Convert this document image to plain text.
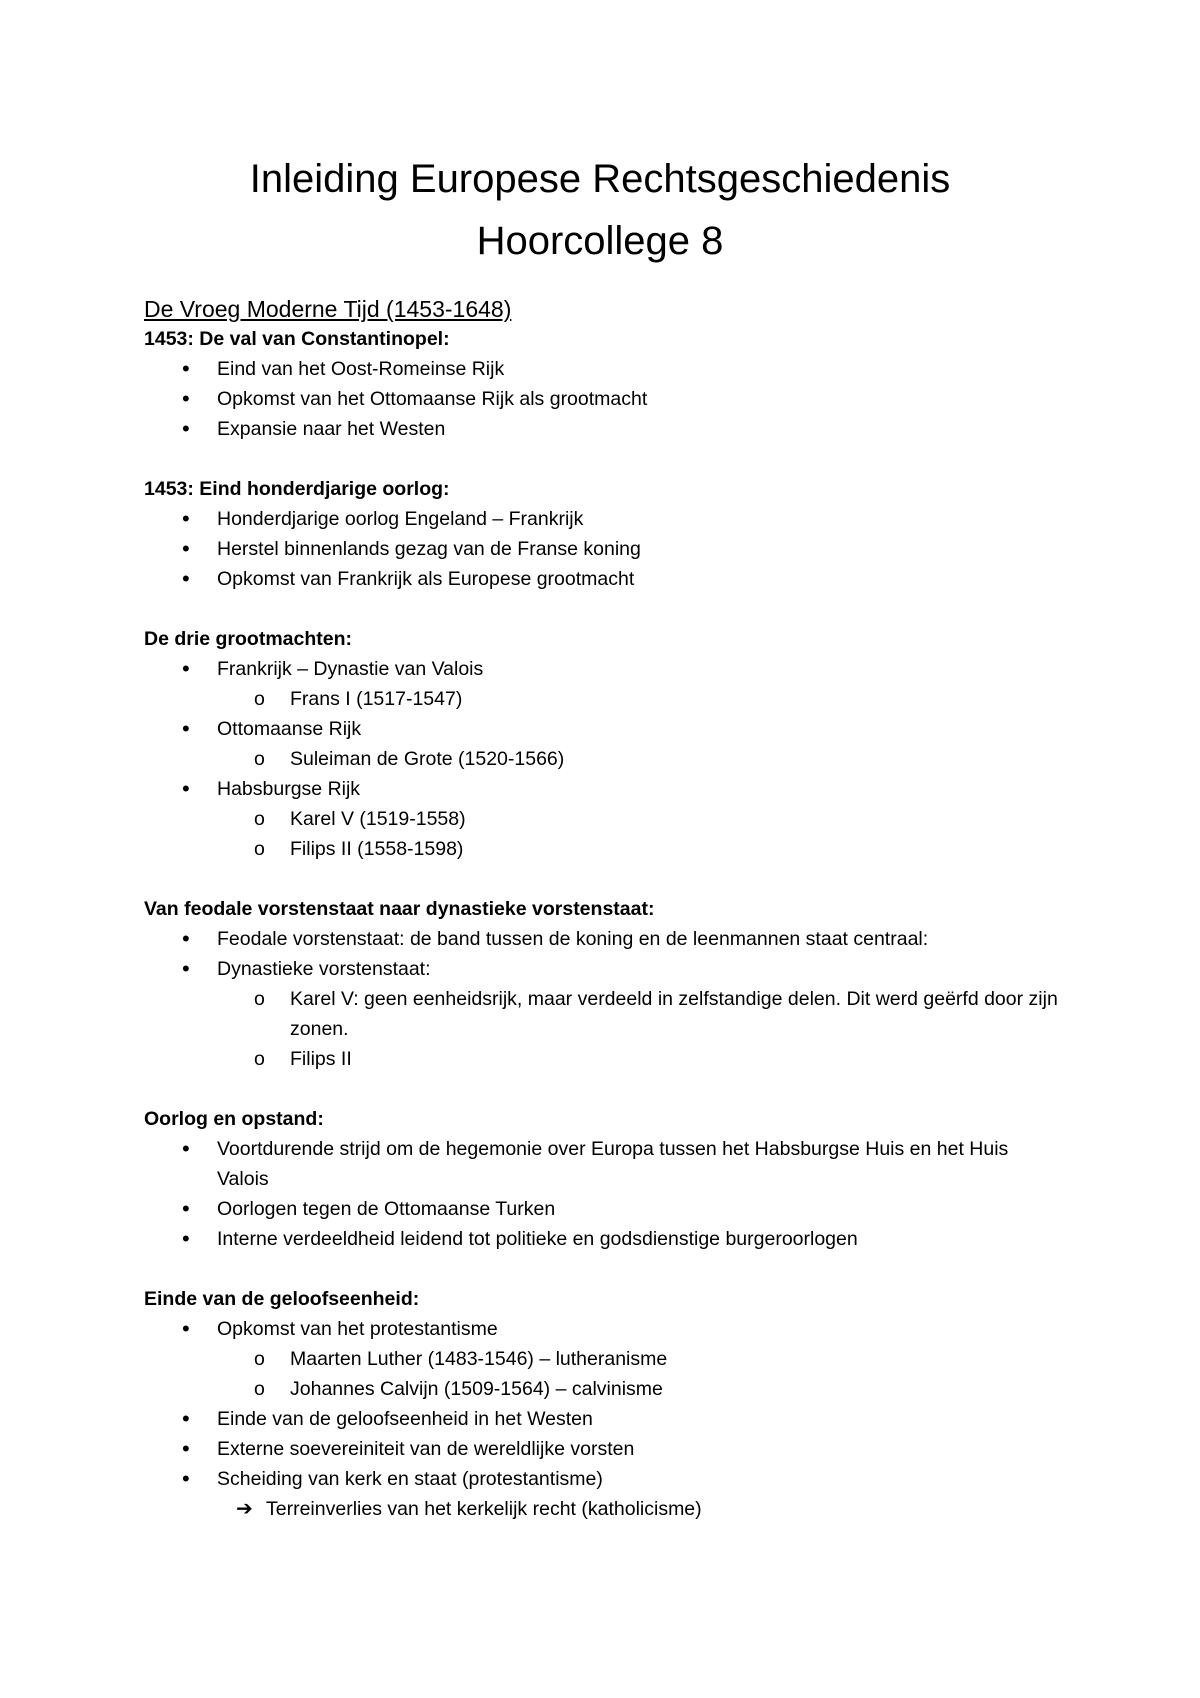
Inleiding Europese Rechtsgeschiedenis
Hoorcollege 8

De Vroeg Moderne Tijd (1453-1648)

1453: De val van Constantinopel:

• Eind van het Oost-Romeinse Rijk
• Opkomst van het Ottomaanse Rijk als grootmacht
• Expansie naar het Westen

1453: Eind honderdjarige oorlog:

• Honderdjarige oorlog Engeland – Frankrijk
• Herstel binnenlands gezag van de Franse koning
• Opkomst van Frankrijk als Europese grootmacht

De drie grootmachten:

• Frankrijk – Dynastie van Valois
o Frans I (1517-1547)
• Ottomaanse Rijk
o Suleiman de Grote (1520-1566)
• Habsburgse Rijk
o Karel V (1519-1558)
o Filips II (1558-1598)

Van feodale vorstenstaat naar dynastieke vorstenstaat:

• Feodale vorstenstaat: de band tussen de koning en de leenmannen staat centraal:
• Dynastieke vorstenstaat:
o Karel V: geen eenheidsrijk, maar verdeeld in zelfstandige delen. Dit werd geërfd door zijn zonen.
o Filips II

Oorlog en opstand:

• Voortdurende strijd om de hegemonie over Europa tussen het Habsburgse Huis en het Huis Valois
• Oorlogen tegen de Ottomaanse Turken
• Interne verdeeldheid leidend tot politieke en godsdienstige burgeroorlogen

Einde van de geloofseenheid:

• Opkomst van het protestantisme
o Maarten Luther (1483-1546) – lutheranisme
o Johannes Calvijn (1509-1564) – calvinisme
• Einde van de geloofseenheid in het Westen
• Externe soevereiniteit van de wereldlijke vorsten
• Scheiding van kerk en staat (protestantisme)
➔ Terreinverlies van het kerkelijk recht (katholicisme)
